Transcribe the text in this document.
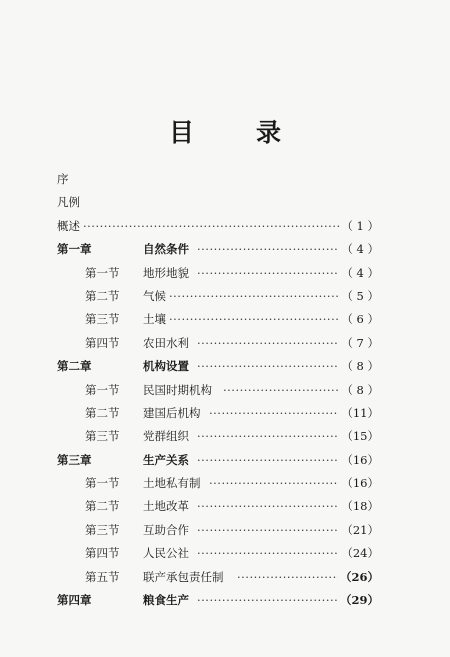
目 录
序
凡例
概述 ·····	（ 1 ）
第一章	自然条件 ·····	（ 4 ）
第一节 地形地貌 ·····	（ 4 ）
第二节 气候 ·····	（ 5 ）
第三节 土壤 ·····	（ 6 ）
第四节 农田水利 ·····	（ 7 ）
第二章	机构设置 ·····	（ 8 ）
第一节 民国时期机构 ·····	（ 8 ）
第二节 建国后机构 ·····	（11）
第三节 党群组织 ·····	（15）
第三章	生产关系 ·····	（16）
第一节 土地私有制 ·····	（16）
第二节 土地改革 ·····	（18）
第三节 互助合作 ·····	（21）
第四节 人民公社 ·····	（24）
第五节 联产承包责任制 ·····	（26）
第四章	粮食生产 ·····	（29）
